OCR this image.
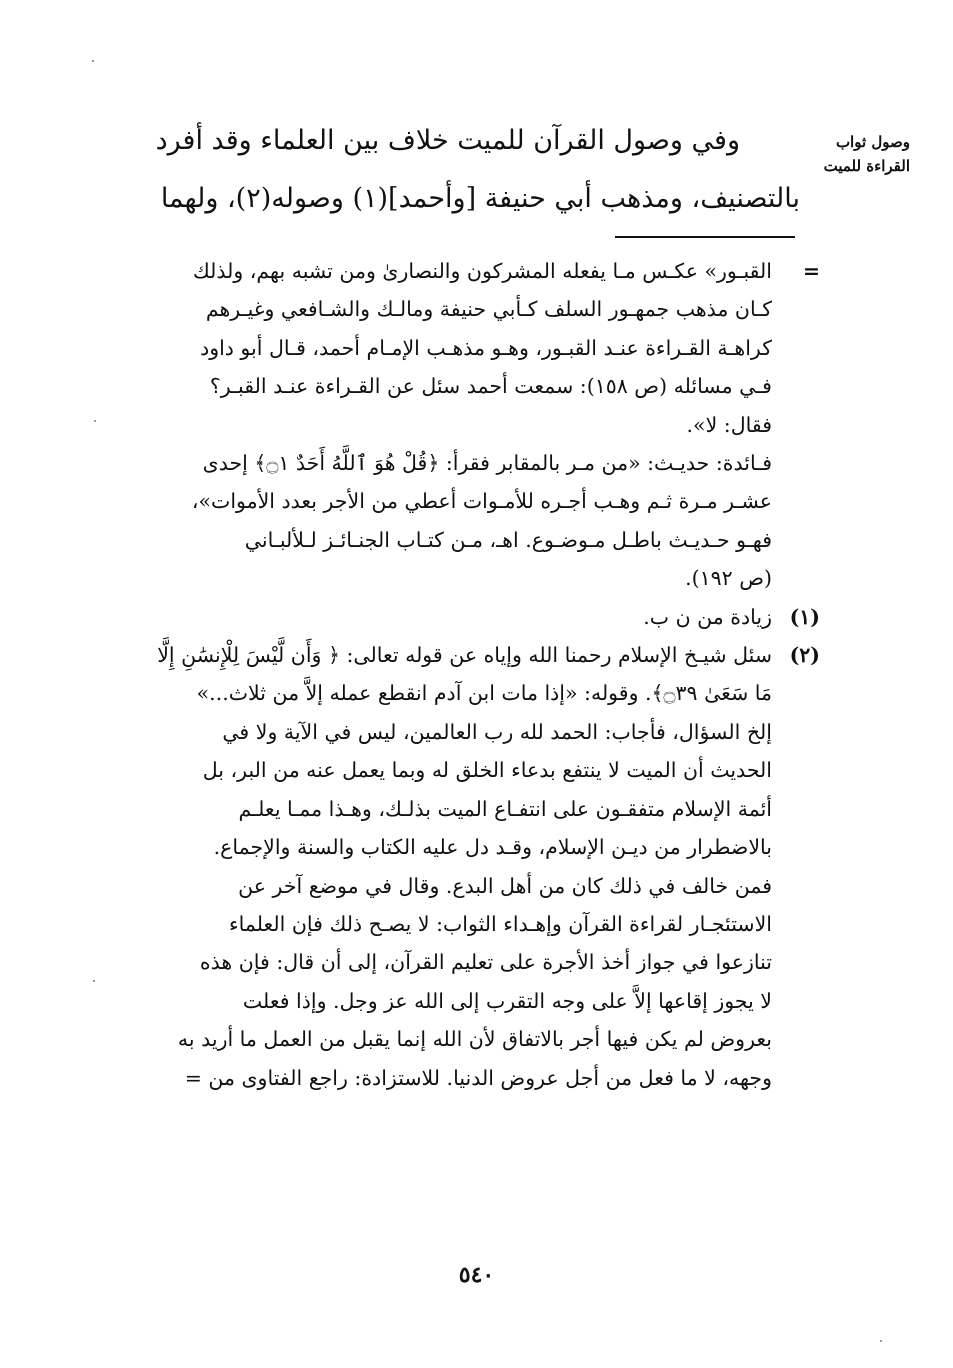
وصول ثواب
القراءة للميت
وفي وصول القرآن للميت خلاف بين العلماء وقد أفرد
بالتصنيف، ومذهب أبي حنيفة [وأحمد](١) وصوله(٢)، ولهما
=
القبـور» عكـس مـا يفعله المشركون والنصارىٰ ومن تشبه بهم، ولذلك
كـان مذهب جمهـور السلف كـأبي حنيفة ومالـك والشـافعي وغيـرهم
كراهـة القـراءة عنـد القبـور، وهـو مذهـب الإمـام أحمد، قـال أبو داود
فـي مسائله (ص ١٥٨): سمعت أحمد سئل عن القـراءة عنـد القبـر؟
فقال: لا».
فـائدة: حديـث: «من مـر بالمقابر فقرأ: ﴿قُلْ هُوَ ٱللَّهُ أَحَدٌ ۝١﴾ إحدى
عشـر مـرة ثـم وهـب أجـره للأمـوات أعطي من الأجر بعدد الأموات»،
فهـو حـديـث باطـل مـوضـوع. اهـ، مـن كتـاب الجنـائـز لـلألبـاني
(ص ١٩٢).
(١)
زيادة من ن ب.
(٢)
سئل شيـخ الإسلام رحمنا الله وإياه عن قوله تعالى: ﴿ وَأَن لَّيْسَ لِلْإِنسَٰنِ إِلَّا
مَا سَعَىٰ ۝٣٩﴾. وقوله: «إذا مات ابن آدم انقطع عمله إلاَّ من ثلاث...»
إلخ السؤال، فأجاب: الحمد لله رب العالمين، ليس في الآية ولا في
الحديث أن الميت لا ينتفع بدعاء الخلق له وبما يعمل عنه من البر، بل
أئمة الإسلام متفقـون على انتفـاع الميت بذلـك، وهـذا ممـا يعلـم
بالاضطرار من ديـن الإسلام، وقـد دل عليه الكتاب والسنة والإجماع.
فمن خالف في ذلك كان من أهل البدع. وقال في موضع آخر عن
الاستئجـار لقراءة القرآن وإهـداء الثواب: لا يصـح ذلك فإن العلماء
تنازعوا في جواز أخذ الأجرة على تعليم القرآن، إلى أن قال: فإن هذه
لا يجوز إقاعها إلاَّ على وجه التقرب إلى الله عز وجل. وإذا فعلت
بعروض لم يكن فيها أجر بالاتفاق لأن الله إنما يقبل من العمل ما أريد به
وجهه، لا ما فعل من أجل عروض الدنيا. للاستزادة: راجع الفتاوى من =
٥٤٠
